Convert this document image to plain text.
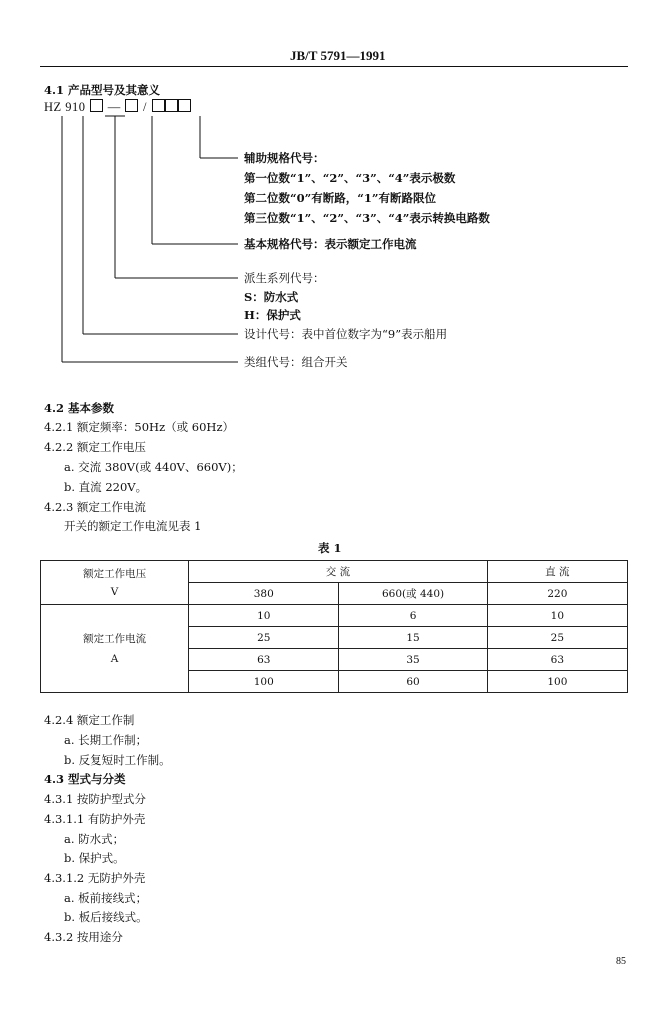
JB/T 5791—1991
4.1 产品型号及其意义
HZ 910 — /
辅助规格代号：
第一位数“1”、“2”、“3”、“4”表示极数
第二位数“0”有断路，“1”有断路限位
第三位数“1”、“2”、“3”、“4”表示转换电路数
基本规格代号：表示额定工作电流
派生系列代号：
S：防水式
H：保护式
设计代号：表中首位数字为“9”表示船用
类组代号：组合开关
4.2 基本参数
4.2.1 额定频率：50Hz（或 60Hz）
4.2.2 额定工作电压
a. 交流 380V(或 440V、660V)；
b. 直流 220V。
4.2.3 额定工作电流
开关的额定工作电流见表 1
表 1
额定工作电压
V	交 流		直 流
	380	660(或 440)	220

额定工作电流
A	10	6	10
	25	15	25
	63	35	63
	100	60	100
4.2.4 额定工作制
a. 长期工作制；
b. 反复短时工作制。
4.3 型式与分类
4.3.1 按防护型式分
4.3.1.1 有防护外壳
a. 防水式；
b. 保护式。
4.3.1.2 无防护外壳
a. 板前接线式；
b. 板后接线式。
4.3.2 按用途分
85
